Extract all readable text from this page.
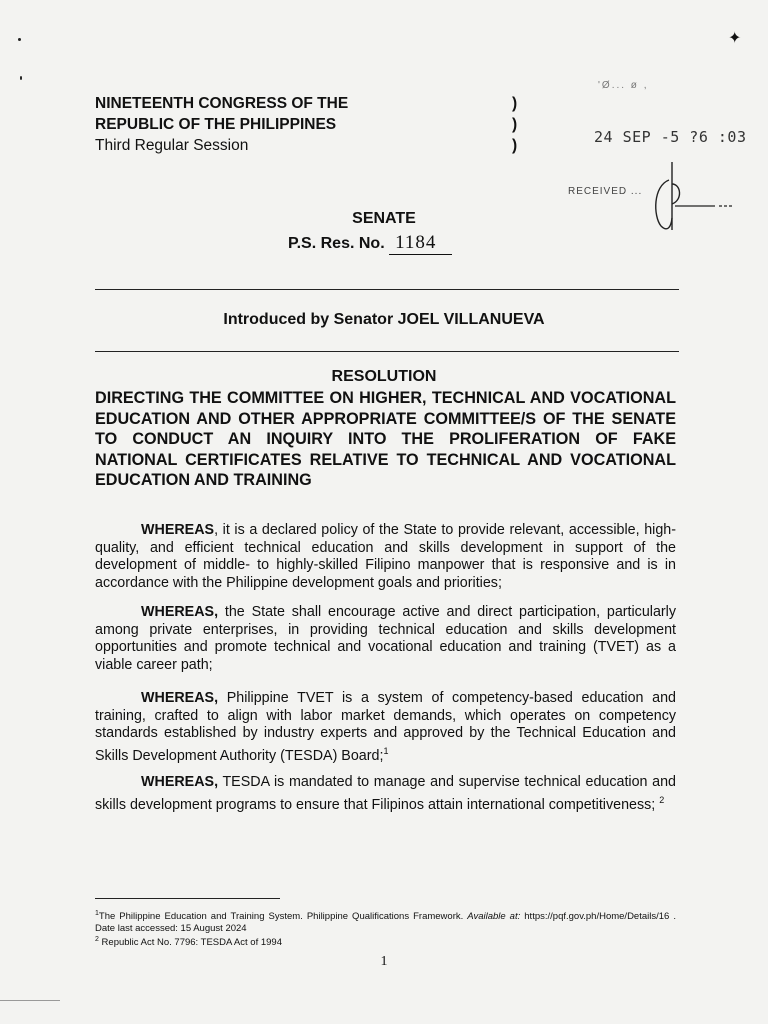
✦
NINETEENTH CONGRESS OF THE
REPUBLIC OF THE PHILIPPINES
Third Regular Session
)
)
)
'Ø... ø ,
24 SEP -5 ?6 :03
RECEIVED ...
SENATE
P.S. Res. No. 1184
Introduced by Senator JOEL VILLANUEVA
RESOLUTION
DIRECTING THE COMMITTEE ON HIGHER, TECHNICAL AND VOCATIONAL EDUCATION AND OTHER APPROPRIATE COMMITTEE/S OF THE SENATE TO CONDUCT AN INQUIRY INTO THE PROLIFERATION OF FAKE NATIONAL CERTIFICATES RELATIVE TO TECHNICAL AND VOCATIONAL EDUCATION AND TRAINING
WHEREAS, it is a declared policy of the State to provide relevant, accessible, high-quality, and efficient technical education and skills development in support of the development of middle- to highly-skilled Filipino manpower that is responsive and is in accordance with the Philippine development goals and priorities;
WHEREAS, the State shall encourage active and direct participation, particularly among private enterprises, in providing technical education and skills development opportunities and promote technical and vocational education and training (TVET) as a viable career path;
WHEREAS, Philippine TVET is a system of competency-based education and training, crafted to align with labor market demands, which operates on competency standards established by industry experts and approved by the Technical Education and Skills Development Authority (TESDA) Board;$^1$
WHEREAS, TESDA is mandated to manage and supervise technical education and skills development programs to ensure that Filipinos attain international competitiveness; $^2$
$^1$The Philippine Education and Training System. Philippine Qualifications Framework. Available at: https://pqf.gov.ph/Home/Details/16 . Date last accessed: 15 August 2024
$^2$ Republic Act No. 7796: TESDA Act of 1994
1
